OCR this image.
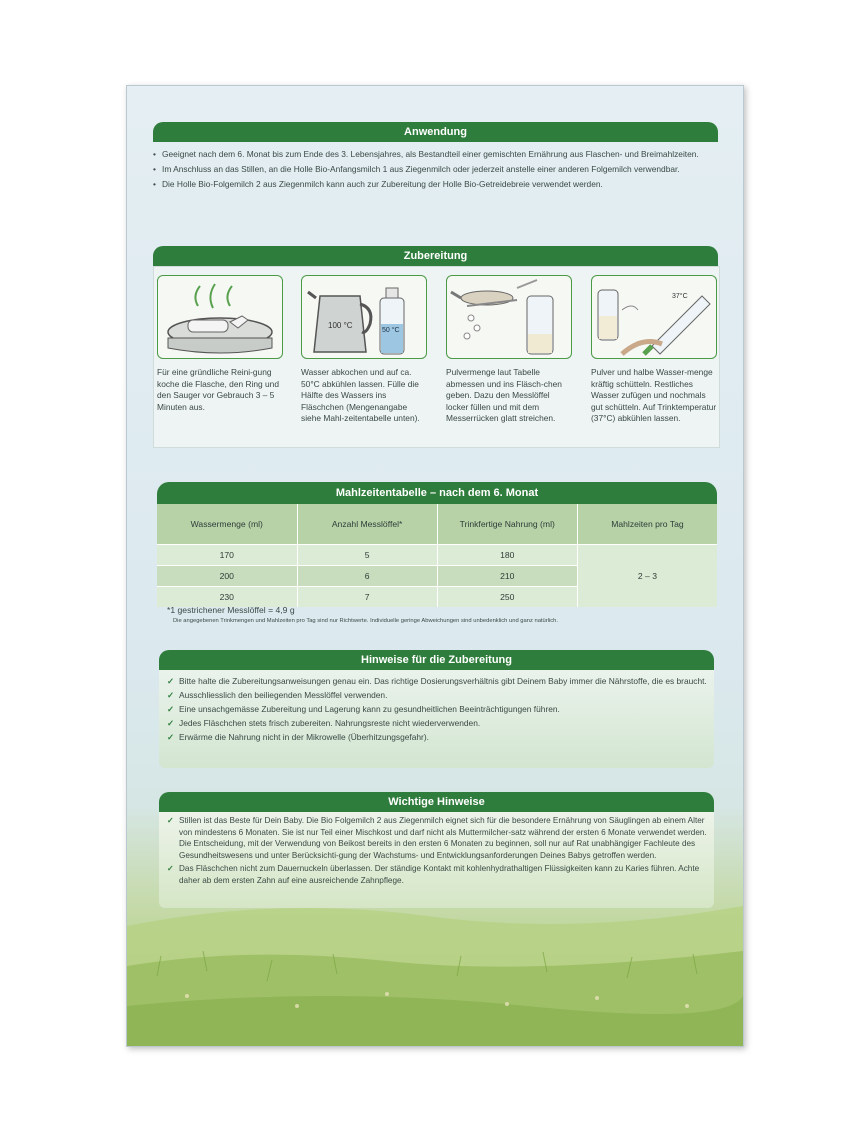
Anwendung
• Geeignet nach dem 6. Monat bis zum Ende des 3. Lebensjahres, als Bestandteil einer gemischten Ernährung aus Flaschen- und Breimahlzeiten.
• Im Anschluss an das Stillen, an die Holle Bio-Anfangsmilch 1 aus Ziegenmilch oder jederzeit anstelle einer anderen Folgemilch verwendbar.
• Die Holle Bio-Folgemilch 2 aus Ziegenmilch kann auch zur Zubereitung der Holle Bio-Getreidebreie verwendet werden.
Zubereitung
Für eine gründliche Reini-gung koche die Flasche, den Ring und den Sauger vor Gebrauch 3 – 5 Minuten aus.
100 °C
50 °C
Wasser abkochen und auf ca. 50°C abkühlen lassen. Fülle die Hälfte des Wassers ins Fläschchen (Mengenangabe siehe Mahl-zeitentabelle unten).
Pulvermenge laut Tabelle abmessen und ins Fläsch-chen geben. Dazu den Messlöffel locker füllen und mit dem Messerrücken glatt streichen.
37°C
Pulver und halbe Wasser-menge kräftig schütteln. Restliches Wasser zufügen und nochmals gut schütteln. Auf Trinktemperatur (37°C) abkühlen lassen.
Mahlzeitentabelle – nach dem 6. Monat
Wassermenge (ml)	Anzahl Messlöffel*	Trinkfertige Nahrung (ml)	Mahlzeiten pro Tag
170	5	180	2 – 3
200	6	210	
230	7	250	
*1 gestrichener Messlöffel = 4,9 g
Die angegebenen Trinkmengen und Mahlzeiten pro Tag sind nur Richtwerte. Individuelle geringe Abweichungen sind unbedenklich und ganz natürlich.
Hinweise für die Zubereitung
✓ Bitte halte die Zubereitungsanweisungen genau ein. Das richtige Dosierungsverhältnis gibt Deinem Baby immer die Nährstoffe, die es braucht.
✓ Ausschliesslich den beiliegenden Messlöffel verwenden.
✓ Eine unsachgemässe Zubereitung und Lagerung kann zu gesundheitlichen Beeinträchtigungen führen.
✓ Jedes Fläschchen stets frisch zubereiten. Nahrungsreste nicht wiederverwenden.
✓ Erwärme die Nahrung nicht in der Mikrowelle (Überhitzungsgefahr).
Wichtige Hinweise
✓ Stillen ist das Beste für Dein Baby. Die Bio Folgemilch 2 aus Ziegenmilch eignet sich für die besondere Ernährung von Säuglingen ab einem Alter von mindestens 6 Monaten. Sie ist nur Teil einer Mischkost und darf nicht als Muttermilcher-satz während der ersten 6 Monate verwendet werden. Die Entscheidung, mit der Verwendung von Beikost bereits in den ersten 6 Monaten zu beginnen, soll nur auf Rat unabhängiger Fachleute des Gesundheitswesens und unter Berücksichti-gung der Wachstums- und Entwicklungsanforderungen Deines Babys getroffen werden.
✓ Das Fläschchen nicht zum Dauernuckeln überlassen. Der ständige Kontakt mit kohlenhydrathaltigen Flüssigkeiten kann zu Karies führen. Achte daher ab dem ersten Zahn auf eine ausreichende Zahnpflege.
